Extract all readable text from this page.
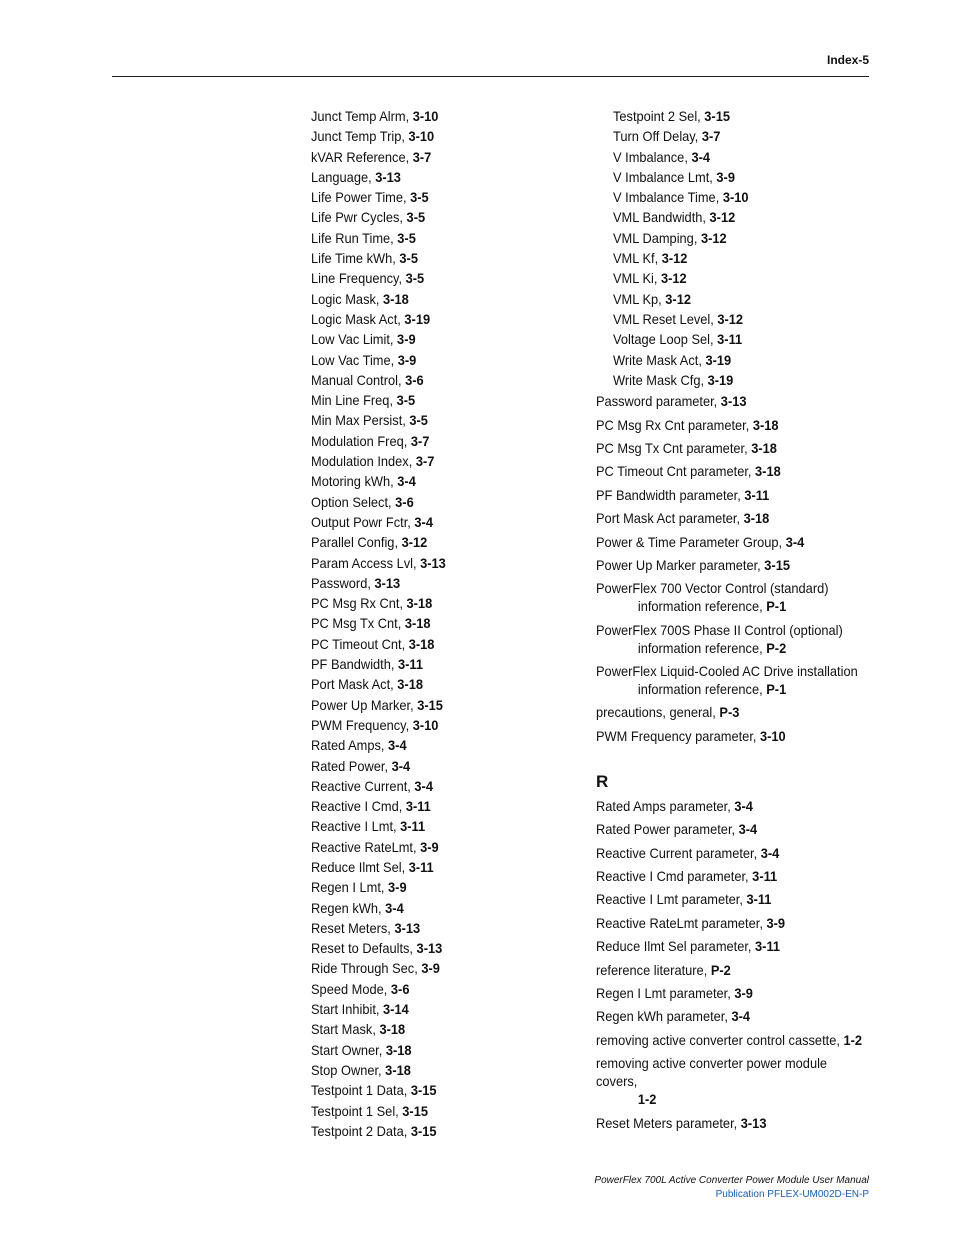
Index-5
Junct Temp Alrm, 3-10
Junct Temp Trip, 3-10
kVAR Reference, 3-7
Language, 3-13
Life Power Time, 3-5
Life Pwr Cycles, 3-5
Life Run Time, 3-5
Life Time kWh, 3-5
Line Frequency, 3-5
Logic Mask, 3-18
Logic Mask Act, 3-19
Low Vac Limit, 3-9
Low Vac Time, 3-9
Manual Control, 3-6
Min Line Freq, 3-5
Min Max Persist, 3-5
Modulation Freq, 3-7
Modulation Index, 3-7
Motoring kWh, 3-4
Option Select, 3-6
Output Powr Fctr, 3-4
Parallel Config, 3-12
Param Access Lvl, 3-13
Password, 3-13
PC Msg Rx Cnt, 3-18
PC Msg Tx Cnt, 3-18
PC Timeout Cnt, 3-18
PF Bandwidth, 3-11
Port Mask Act, 3-18
Power Up Marker, 3-15
PWM Frequency, 3-10
Rated Amps, 3-4
Rated Power, 3-4
Reactive Current, 3-4
Reactive I Cmd, 3-11
Reactive I Lmt, 3-11
Reactive RateLmt, 3-9
Reduce Ilmt Sel, 3-11
Regen I Lmt, 3-9
Regen kWh, 3-4
Reset Meters, 3-13
Reset to Defaults, 3-13
Ride Through Sec, 3-9
Speed Mode, 3-6
Start Inhibit, 3-14
Start Mask, 3-18
Start Owner, 3-18
Stop Owner, 3-18
Testpoint 1 Data, 3-15
Testpoint 1 Sel, 3-15
Testpoint 2 Data, 3-15
Testpoint 2 Sel, 3-15
Turn Off Delay, 3-7
V Imbalance, 3-4
V Imbalance Lmt, 3-9
V Imbalance Time, 3-10
VML Bandwidth, 3-12
VML Damping, 3-12
VML Kf, 3-12
VML Ki, 3-12
VML Kp, 3-12
VML Reset Level, 3-12
Voltage Loop Sel, 3-11
Write Mask Act, 3-19
Write Mask Cfg, 3-19
Password parameter, 3-13
PC Msg Rx Cnt parameter, 3-18
PC Msg Tx Cnt parameter, 3-18
PC Timeout Cnt parameter, 3-18
PF Bandwidth parameter, 3-11
Port Mask Act parameter, 3-18
Power & Time Parameter Group, 3-4
Power Up Marker parameter, 3-15
PowerFlex 700 Vector Control (standard)
information reference, P-1
PowerFlex 700S Phase II Control (optional)
information reference, P-2
PowerFlex Liquid-Cooled AC Drive installation
information reference, P-1
precautions, general, P-3
PWM Frequency parameter, 3-10
R
Rated Amps parameter, 3-4
Rated Power parameter, 3-4
Reactive Current parameter, 3-4
Reactive I Cmd parameter, 3-11
Reactive I Lmt parameter, 3-11
Reactive RateLmt parameter, 3-9
Reduce Ilmt Sel parameter, 3-11
reference literature, P-2
Regen I Lmt parameter, 3-9
Regen kWh parameter, 3-4
removing active converter control cassette, 1-2
removing active converter power module covers,
1-2
Reset Meters parameter, 3-13
PowerFlex 700L Active Converter Power Module User Manual
Publication PFLEX-UM002D-EN-P
